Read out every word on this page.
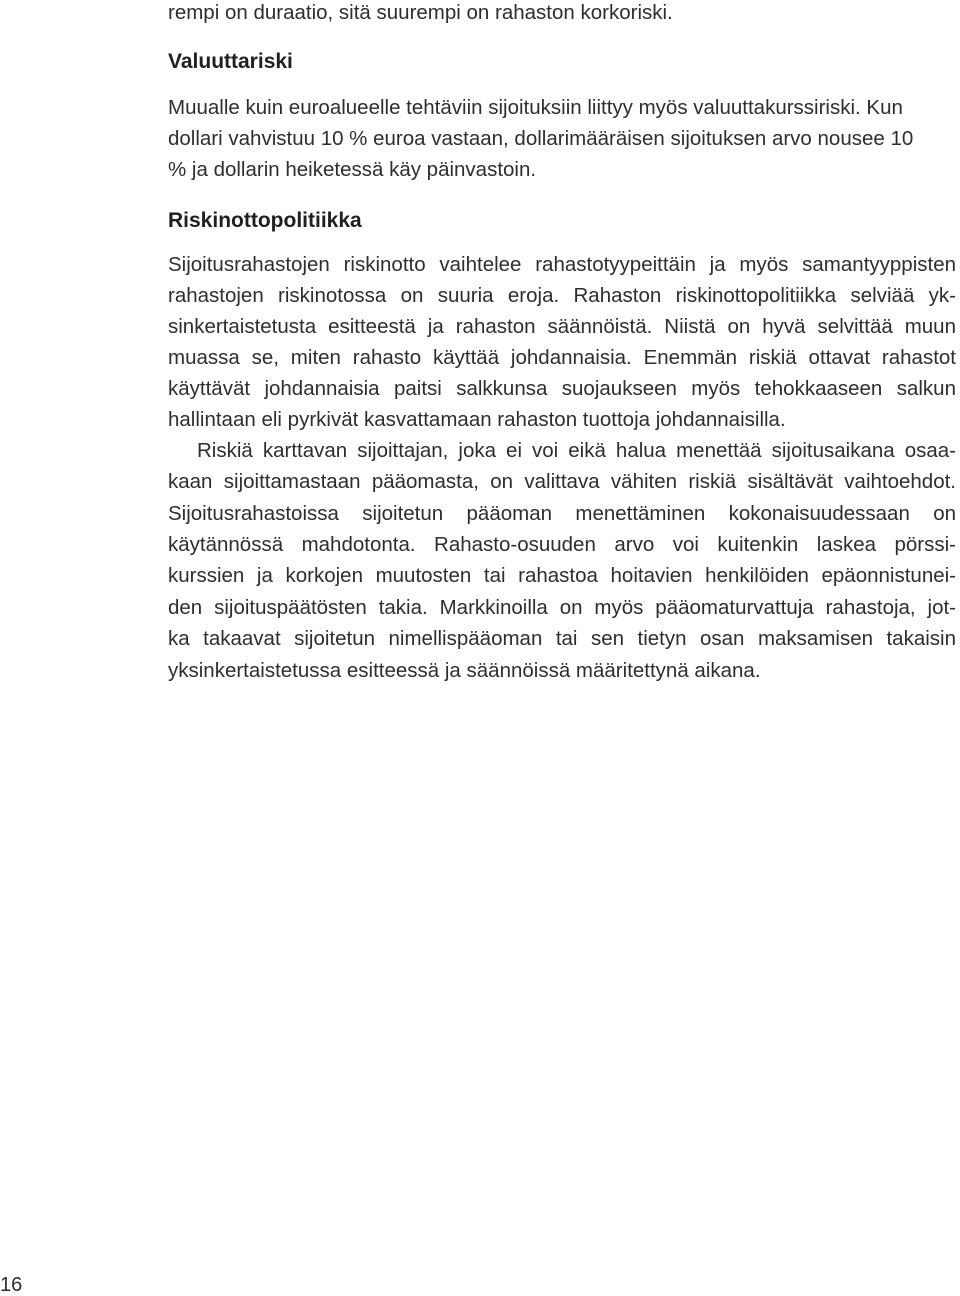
rempi on duraatio, sitä suurempi on rahaston korkoriski.
Valuuttariski
Muualle kuin euroalueelle tehtäviin sijoituksiin liittyy myös valuuttakurssiriski. Kun
dollari vahvistuu 10 % euroa vastaan, dollarimääräisen sijoituksen arvo nousee 10
% ja dollarin heiketessä käy päinvastoin.
Riskinottopolitiikka
Sijoitusrahastojen riskinotto vaihtelee rahastotyypeittäin ja myös samantyyppisten
rahastojen riskinotossa on suuria eroja. Rahaston riskinottopolitiikka selviää yk-
sinkertaistetusta esitteestä ja rahaston säännöistä. Niistä on hyvä selvittää muun
muassa se, miten rahasto käyttää johdannaisia. Enemmän riskiä ottavat rahastot
käyttävät johdannaisia paitsi salkkunsa suojaukseen myös tehokkaaseen salkun
hallintaan eli pyrkivät kasvattamaan rahaston tuottoja johdannaisilla.
Riskiä karttavan sijoittajan, joka ei voi eikä halua menettää sijoitusaikana osaa-
kaan sijoittamastaan pääomasta, on valittava vähiten riskiä sisältävät vaihtoehdot.
Sijoitusrahastoissa sijoitetun pääoman menettäminen kokonaisuudessaan on
käytännössä mahdotonta. Rahasto-osuuden arvo voi kuitenkin laskea pörssi-
kurssien ja korkojen muutosten tai rahastoa hoitavien henkilöiden epäonnistunei-
den sijoituspäätösten takia. Markkinoilla on myös pääomaturvattuja rahastoja, jot-
ka takaavat sijoitetun nimellispääoman tai sen tietyn osan maksamisen takaisin
yksinkertaistetussa esitteessä ja säännöissä määritettynä aikana.
16
